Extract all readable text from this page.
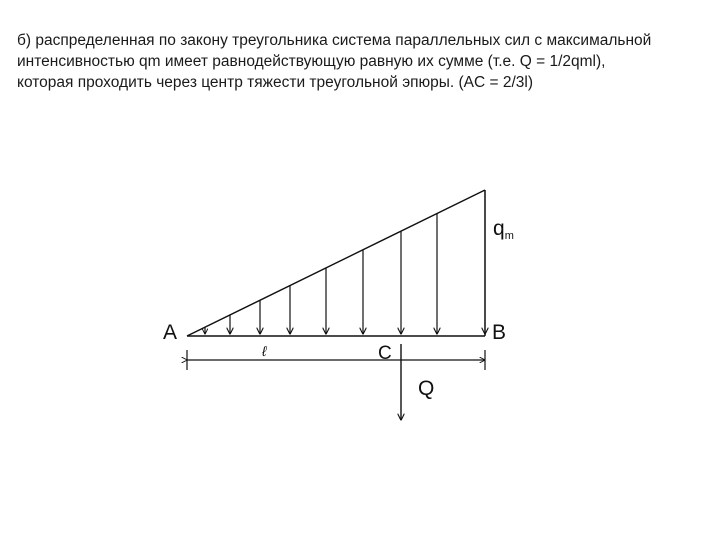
б) распределенная по закону треугольника система параллельных сил с максимальной
интенсивностью qm имеет равнодействующую равную их сумме (т.е. Q = 1/2qml),
которая проходить через центр тяжести треугольной эпюры. (AC = 2/3l)
A	B
C
Q
qm
ℓ
